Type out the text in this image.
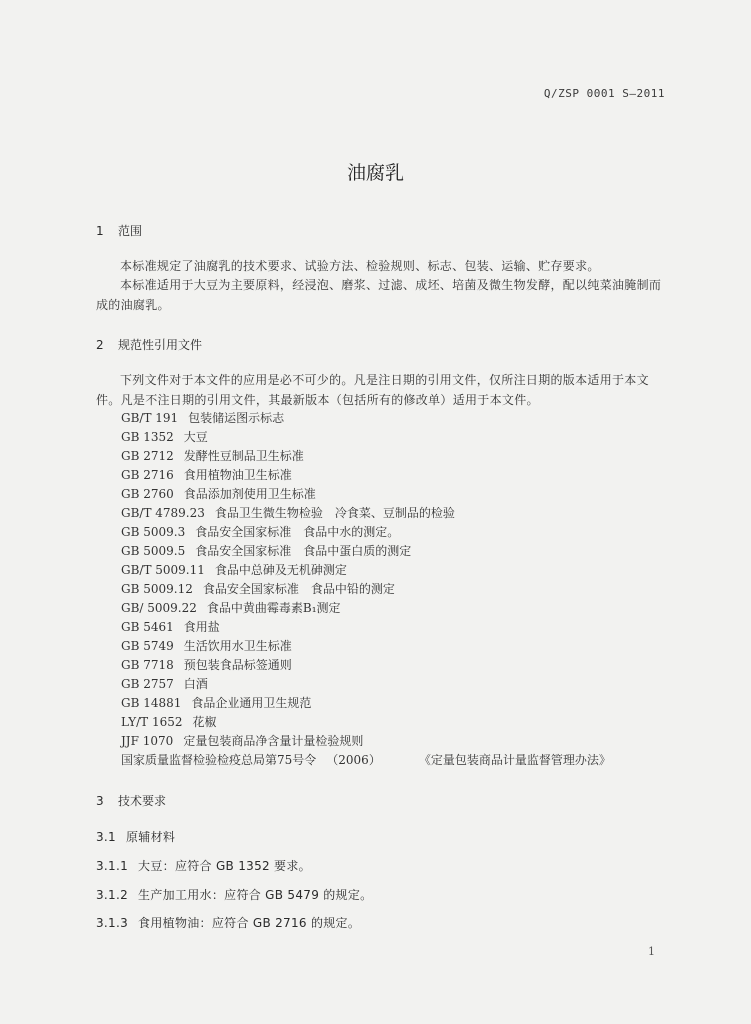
Q/ZSP 0001 S—2011
油腐乳
1 范围
本标准规定了油腐乳的技术要求、试验方法、检验规则、标志、包装、运输、贮存要求。
本标准适用于大豆为主要原料，经浸泡、磨浆、过滤、成坯、培菌及微生物发酵，配以纯菜油腌制而成的油腐乳。
2 规范性引用文件
下列文件对于本文件的应用是必不可少的。凡是注日期的引用文件，仅所注日期的版本适用于本文件。凡是不注日期的引用文件，其最新版本（包括所有的修改单）适用于本文件。
GB/T 191 包装储运图示标志
GB 1352 大豆
GB 2712 发酵性豆制品卫生标准
GB 2716 食用植物油卫生标准
GB 2760 食品添加剂使用卫生标准
GB/T 4789.23 食品卫生微生物检验　冷食菜、豆制品的检验
GB 5009.3 食品安全国家标准　食品中水的测定。
GB 5009.5 食品安全国家标准　食品中蛋白质的测定
GB/T 5009.11 食品中总砷及无机砷测定
GB 5009.12 食品安全国家标准　食品中铅的测定
GB/ 5009.22 食品中黄曲霉毒素B₁测定
GB 5461 食用盐
GB 5749 生活饮用水卫生标准
GB 7718 预包装食品标签通则
GB 2757 白酒
GB 14881 食品企业通用卫生规范
LY/T 1652 花椒
JJF 1070 定量包装商品净含量计量检验规则
国家质量监督检验检疫总局第75号令 （2006）	《定量包装商品计量监督管理办法》
3 技术要求
3.1 原辅材料
3.1.1 大豆：应符合 GB 1352 要求。
3.1.2 生产加工用水：应符合 GB 5479 的规定。
3.1.3 食用植物油：应符合 GB 2716 的规定。
1
